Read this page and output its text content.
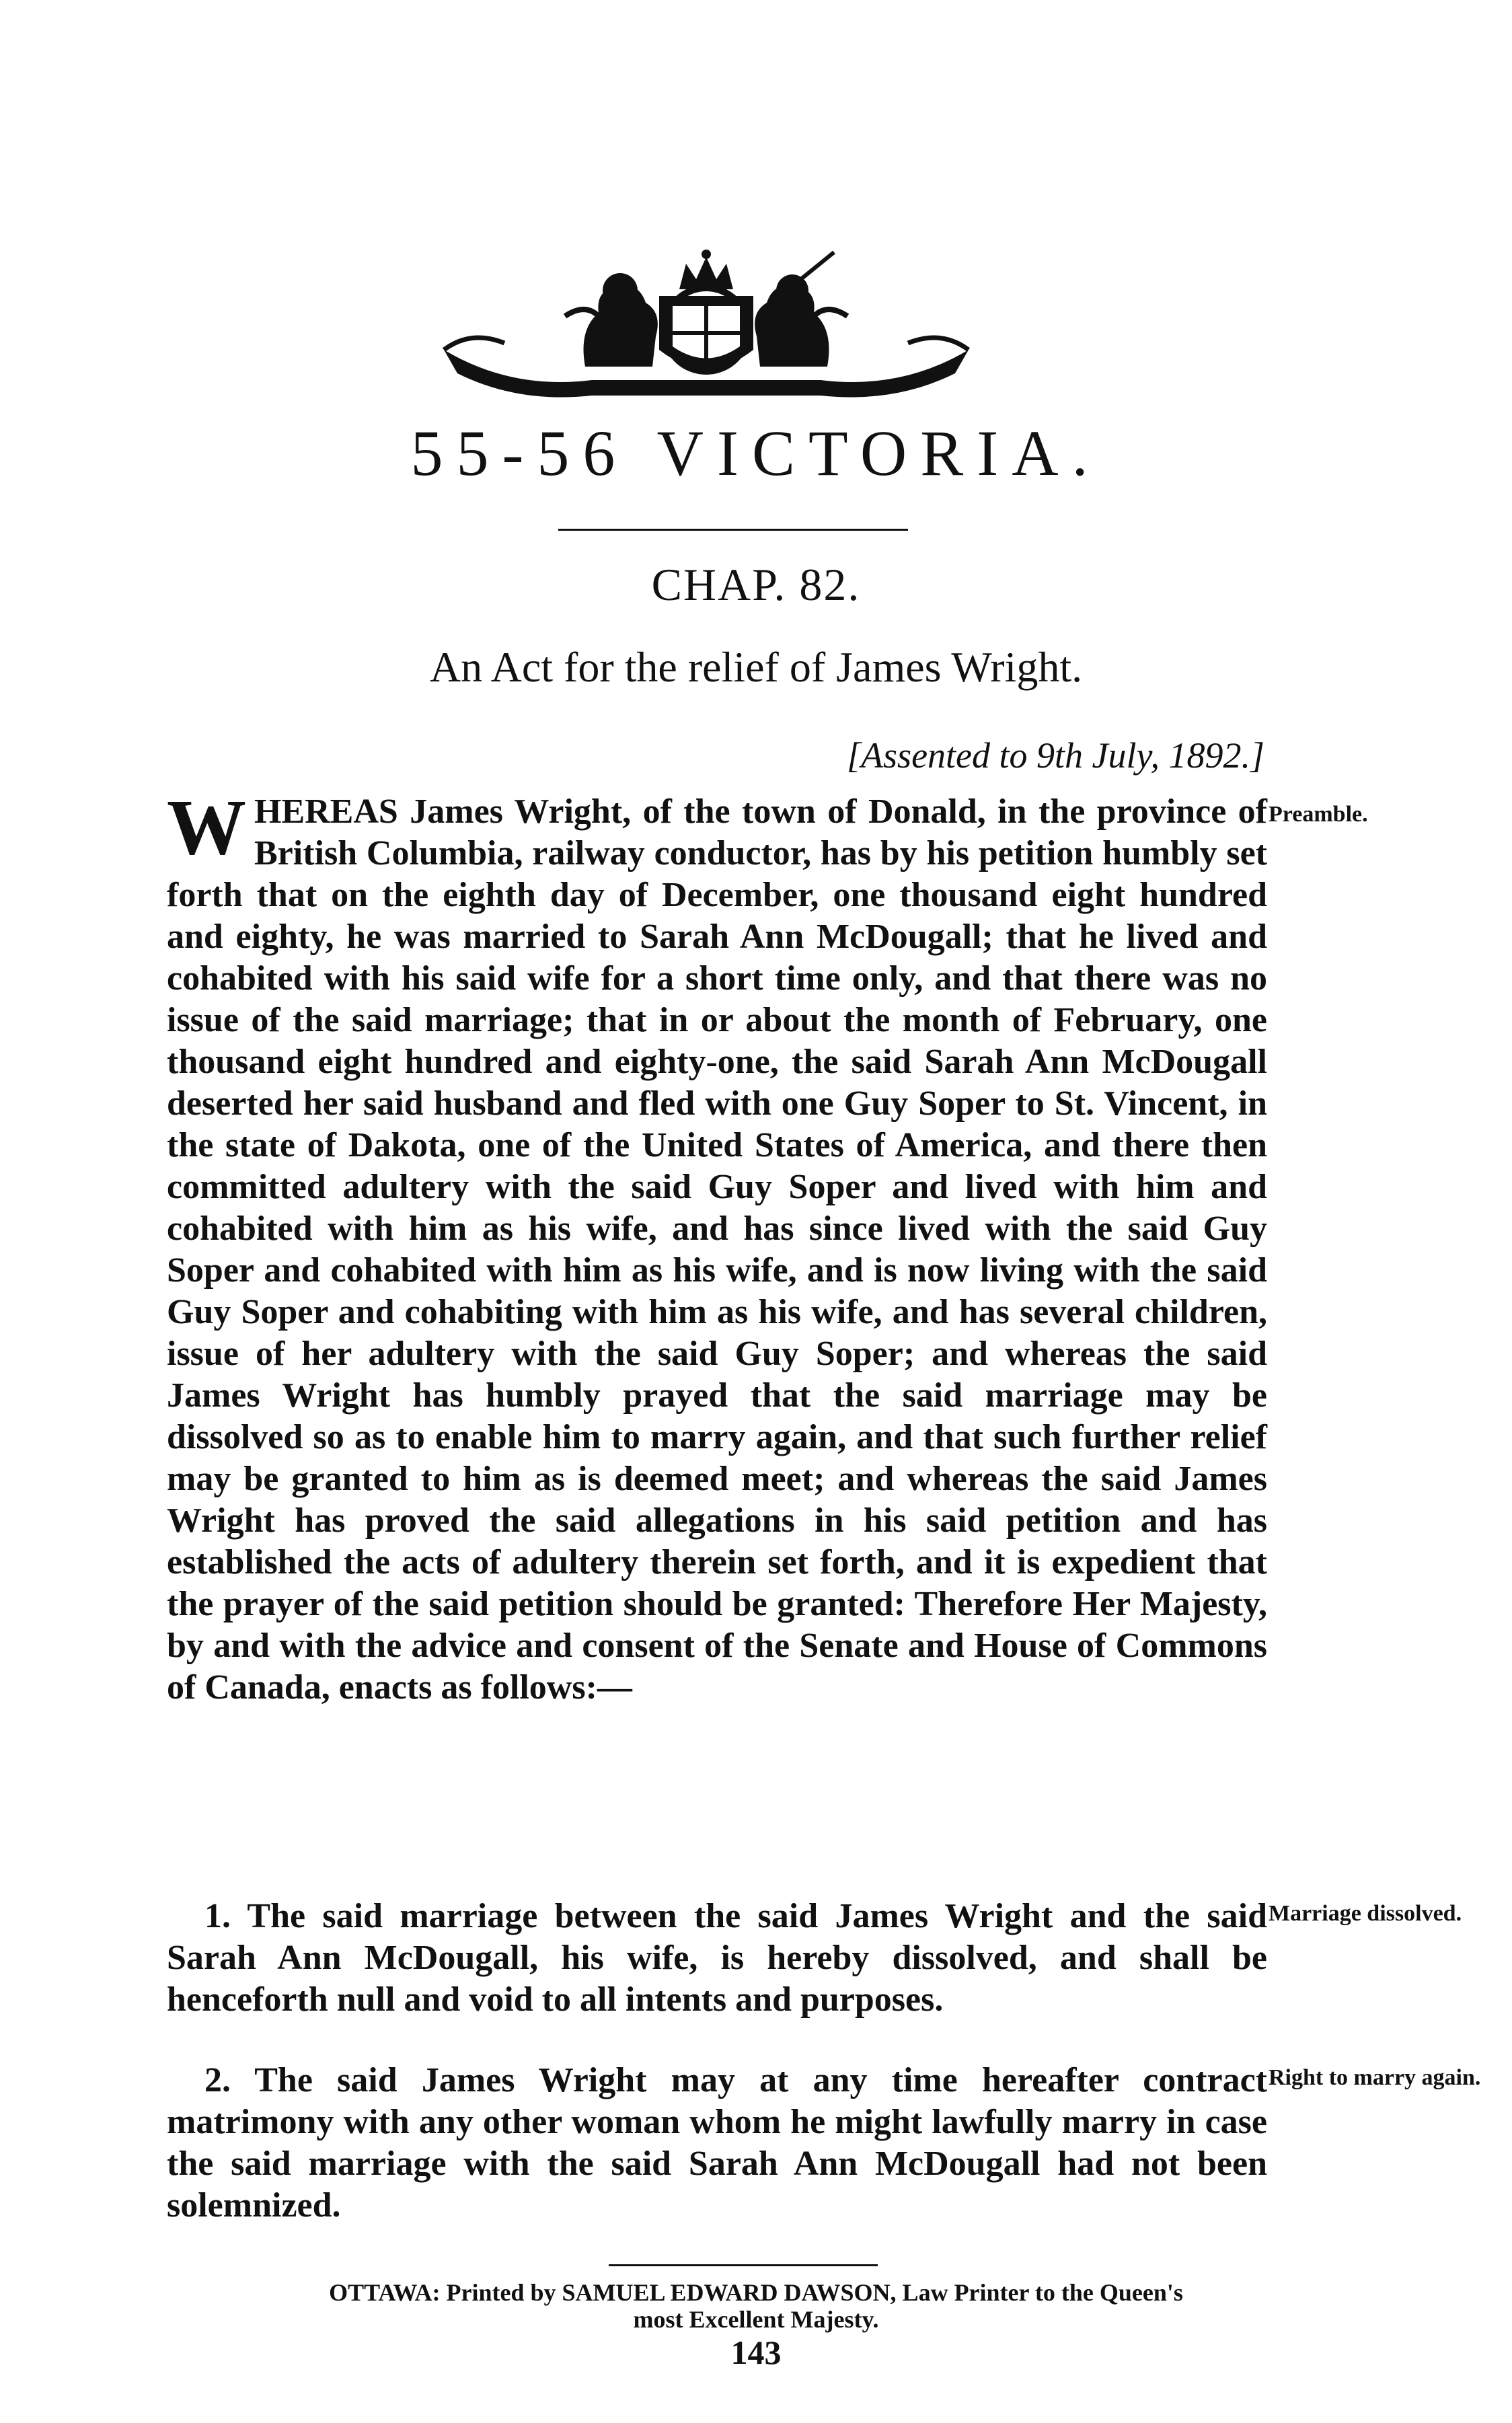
55-56 VICTORIA.
CHAP. 82.
An Act for the relief of James Wright.
[Assented to 9th July, 1892.]

WHEREAS James Wright, of the town of Donald, in the province of British Columbia, railway conductor, has by his petition humbly set forth that on the eighth day of December, one thousand eight hundred and eighty, he was married to Sarah Ann McDougall; that he lived and cohabited with his said wife for a short time only, and that there was no issue of the said marriage; that in or about the month of February, one thousand eight hundred and eighty-one, the said Sarah Ann McDougall deserted her said husband and fled with one Guy Soper to St. Vincent, in the state of Dakota, one of the United States of America, and there then committed adultery with the said Guy Soper and lived with him and cohabited with him as his wife, and has since lived with the said Guy Soper and cohabited with him as his wife, and is now living with the said Guy Soper and cohabiting with him as his wife, and has several children, issue of her adultery with the said Guy Soper; and whereas the said James Wright has humbly prayed that the said marriage may be dissolved so as to enable him to marry again, and that such further relief may be granted to him as is deemed meet; and whereas the said James Wright has proved the said allegations in his said petition and has established the acts of adultery therein set forth, and it is expedient that the prayer of the said petition should be granted: Therefore Her Majesty, by and with the advice and consent of the Senate and House of Commons of Canada, enacts as follows:—

Preamble.

1. The said marriage between the said James Wright and the said Sarah Ann McDougall, his wife, is hereby dissolved, and shall be henceforth null and void to all intents and purposes.

Marriage dissolved.

2. The said James Wright may at any time hereafter contract matrimony with any other woman whom he might lawfully marry in case the said marriage with the said Sarah Ann McDougall had not been solemnized.

Right to marry again.
OTTAWA: Printed by SAMUEL EDWARD DAWSON, Law Printer to the Queen's
most Excellent Majesty.
143
